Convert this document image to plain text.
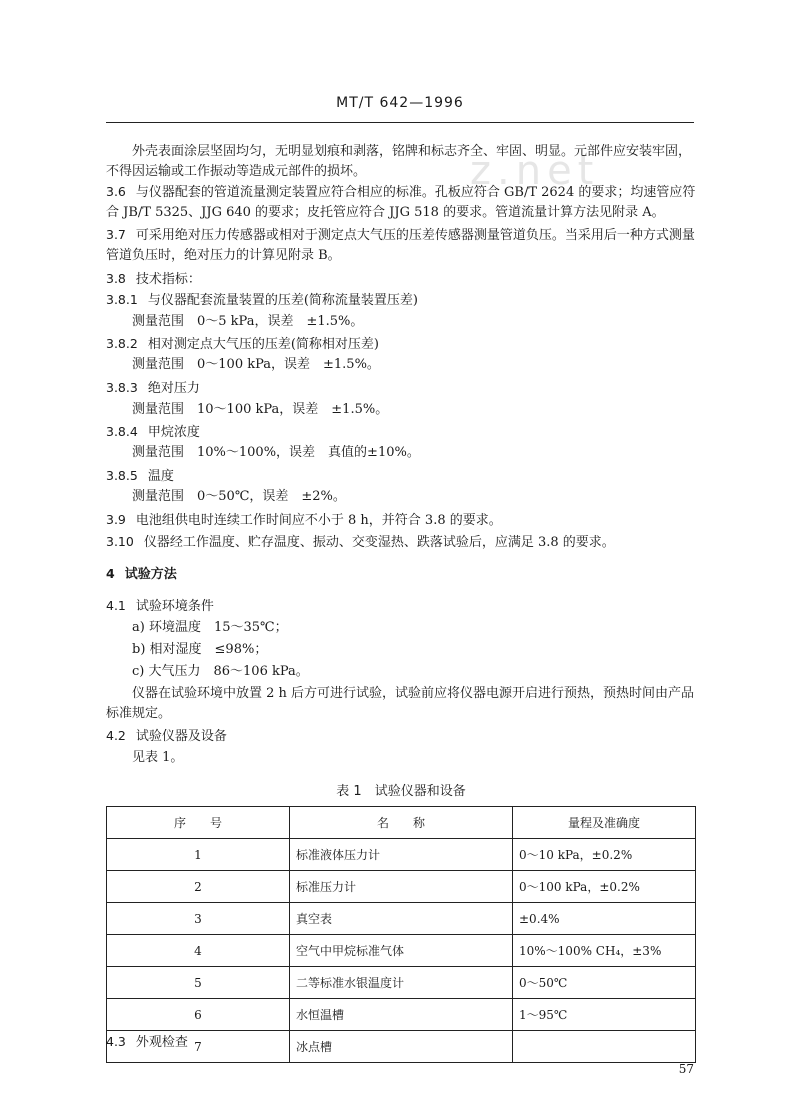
z.net
MT/T 642—1996
外壳表面涂层坚固均匀，无明显划痕和剥落，铭牌和标志齐全、牢固、明显。元部件应安装牢固，不得因运输或工作振动等造成元部件的损坏。
3.6 与仪器配套的管道流量测定装置应符合相应的标准。孔板应符合 GB/T 2624 的要求；均速管应符合 JB/T 5325、JJG 640 的要求；皮托管应符合 JJG 518 的要求。管道流量计算方法见附录 A。
3.7 可采用绝对压力传感器或相对于测定点大气压的压差传感器测量管道负压。当采用后一种方式测量管道负压时，绝对压力的计算见附录 B。
3.8 技术指标：
3.8.1 与仪器配套流量装置的压差(简称流量装置压差)
测量范围　0～5 kPa，误差　±1.5%。
3.8.2 相对测定点大气压的压差(简称相对压差)
测量范围　0～100 kPa，误差　±1.5%。
3.8.3 绝对压力
测量范围　10～100 kPa，误差　±1.5%。
3.8.4 甲烷浓度
测量范围　10%～100%，误差　真值的±10%。
3.8.5 温度
测量范围　0～50℃，误差　±2%。
3.9 电池组供电时连续工作时间应不小于 8 h，并符合 3.8 的要求。
3.10 仪器经工作温度、贮存温度、振动、交变湿热、跌落试验后，应满足 3.8 的要求。
4 试验方法
4.1 试验环境条件
a) 环境温度　15～35℃；
b) 相对湿度　≤98%；
c) 大气压力　86～106 kPa。
仪器在试验环境中放置 2 h 后方可进行试验，试验前应将仪器电源开启进行预热，预热时间由产品标准规定。
4.2 试验仪器及设备
见表 1。
表 1　试验仪器和设备
序　　号	名　　称	量程及准确度
1	标准液体压力计	0～10 kPa，±0.2%
2	标准压力计	0～100 kPa，±0.2%
3	真空表	±0.4%
4	空气中甲烷标准气体	10%～100% CH₄，±3%
5	二等标准水银温度计	0～50℃
6	水恒温槽	1～95℃
7	冰点槽	
4.3 外观检查
57
